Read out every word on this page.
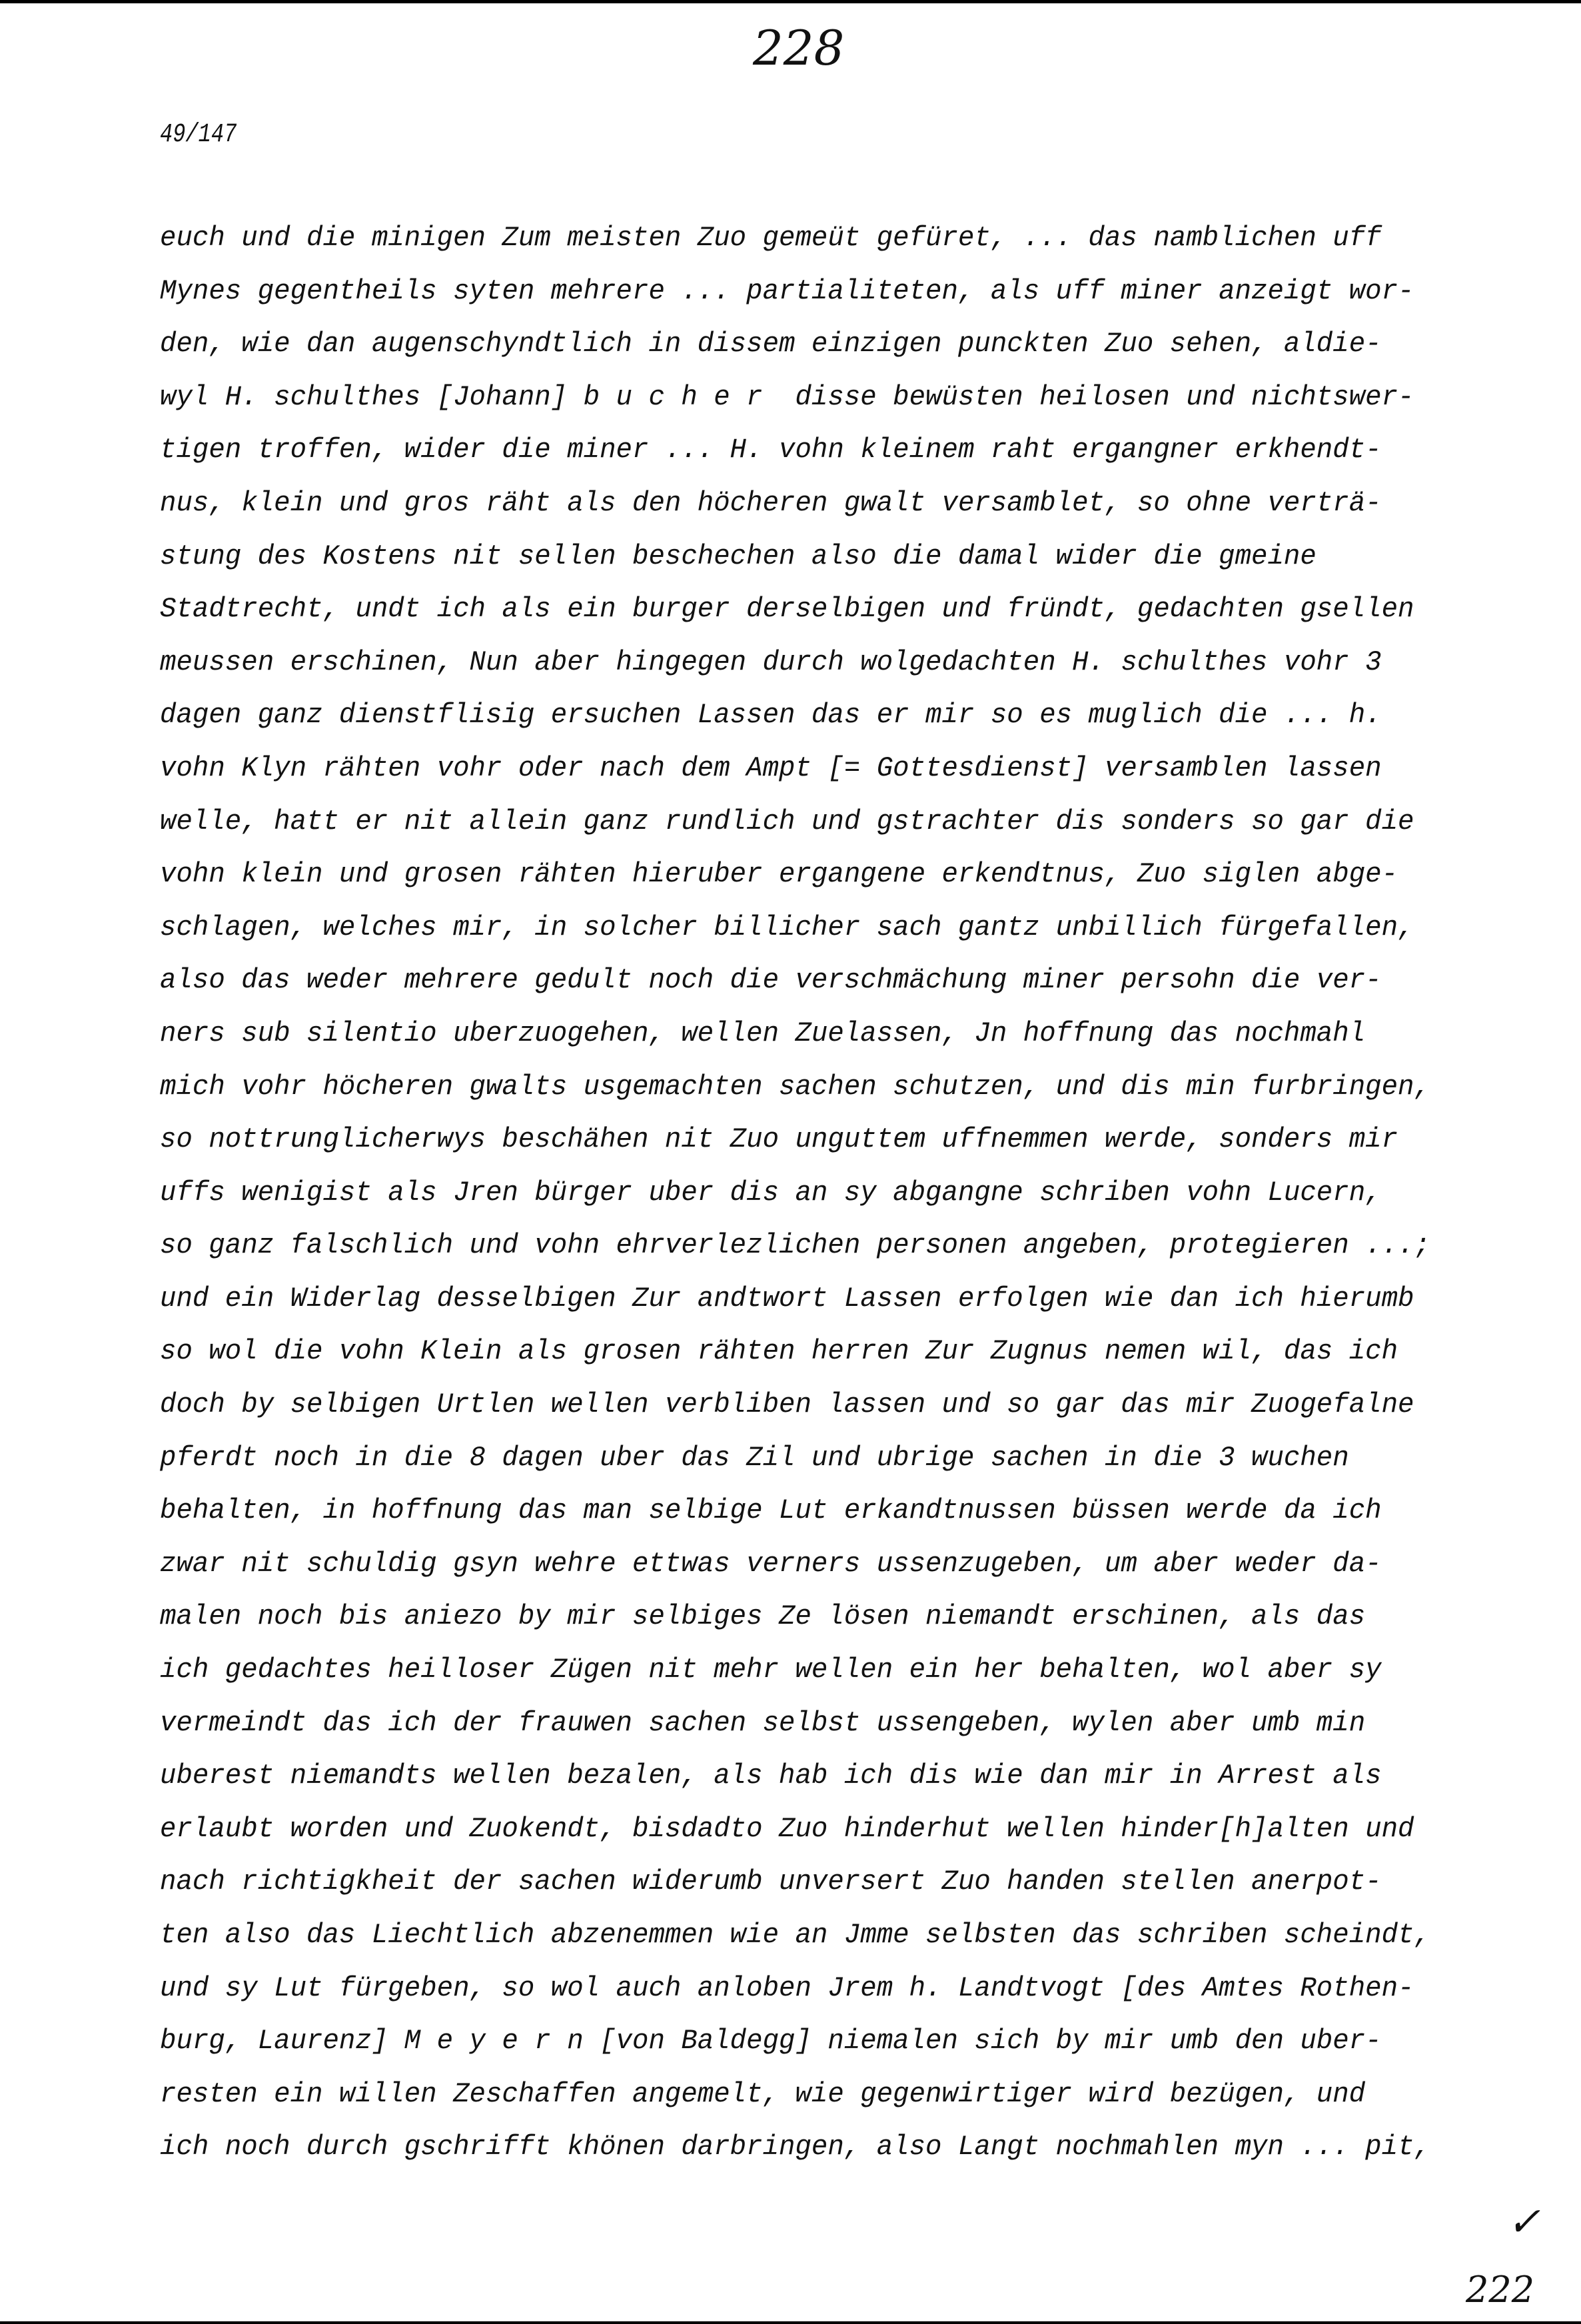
228
49/147
euch und die minigen Zum meisten Zuo gemeüt gefüret, ... das namblichen uff
Mynes gegentheils syten mehrere ... partialiteten, als uff miner anzeigt wor-
den, wie dan augenschyndtlich in dissem einzigen punckten Zuo sehen, aldie-
wyl H. schulthes [Johann] b u c h e r  disse bewüsten heilosen und nichtswer-
tigen troffen, wider die miner ... H. vohn kleinem raht ergangner erkhendt-
nus, klein und gros räht als den höcheren gwalt versamblet, so ohne verträ-
stung des Kostens nit sellen beschechen also die damal wider die gmeine
Stadtrecht, undt ich als ein burger derselbigen und fründt, gedachten gsellen
meussen erschinen, Nun aber hingegen durch wolgedachten H. schulthes vohr 3
dagen ganz dienstflisig ersuchen Lassen das er mir so es muglich die ... h.
vohn Klyn rähten vohr oder nach dem Ampt [= Gottesdienst] versamblen lassen
welle, hatt er nit allein ganz rundlich und gstrachter dis sonders so gar die
vohn klein und grosen rähten hieruber ergangene erkendtnus, Zuo siglen abge-
schlagen, welches mir, in solcher billicher sach gantz unbillich fürgefallen,
also das weder mehrere gedult noch die verschmächung miner persohn die ver-
ners sub silentio uberzuogehen, wellen Zuelassen, Jn hoffnung das nochmahl
mich vohr höcheren gwalts usgemachten sachen schutzen, und dis min furbringen,
so nottrunglicherwys beschähen nit Zuo unguttem uffnemmen werde, sonders mir
uffs wenigist als Jren bürger uber dis an sy abgangne schriben vohn Lucern,
so ganz falschlich und vohn ehrverlezlichen personen angeben, protegieren ...;
und ein Widerlag desselbigen Zur andtwort Lassen erfolgen wie dan ich hierumb
so wol die vohn Klein als grosen rähten herren Zur Zugnus nemen wil, das ich
doch by selbigen Urtlen wellen verbliben lassen und so gar das mir Zuogefalne
pferdt noch in die 8 dagen uber das Zil und ubrige sachen in die 3 wuchen
behalten, in hoffnung das man selbige Lut erkandtnussen büssen werde da ich
zwar nit schuldig gsyn wehre ettwas verners ussenzugeben, um aber weder da-
malen noch bis aniezo by mir selbiges Ze lösen niemandt erschinen, als das
ich gedachtes heilloser Zügen nit mehr wellen ein her behalten, wol aber sy
vermeindt das ich der frauwen sachen selbst ussengeben, wylen aber umb min
uberest niemandts wellen bezalen, als hab ich dis wie dan mir in Arrest als
erlaubt worden und Zuokendt, bisdadto Zuo hinderhut wellen hinder[h]alten und
nach richtigkheit der sachen widerumb unversert Zuo handen stellen anerpot-
ten also das Liechtlich abzenemmen wie an Jmme selbsten das schriben scheindt,
und sy Lut fürgeben, so wol auch anloben Jrem h. Landtvogt [des Amtes Rothen-
burg, Laurenz] M e y e r n [von Baldegg] niemalen sich by mir umb den uber-
resten ein willen Zeschaffen angemelt, wie gegenwirtiger wird bezügen, und
ich noch durch gschrifft khönen darbringen, also Langt nochmahlen myn ... pit,
✓
222
